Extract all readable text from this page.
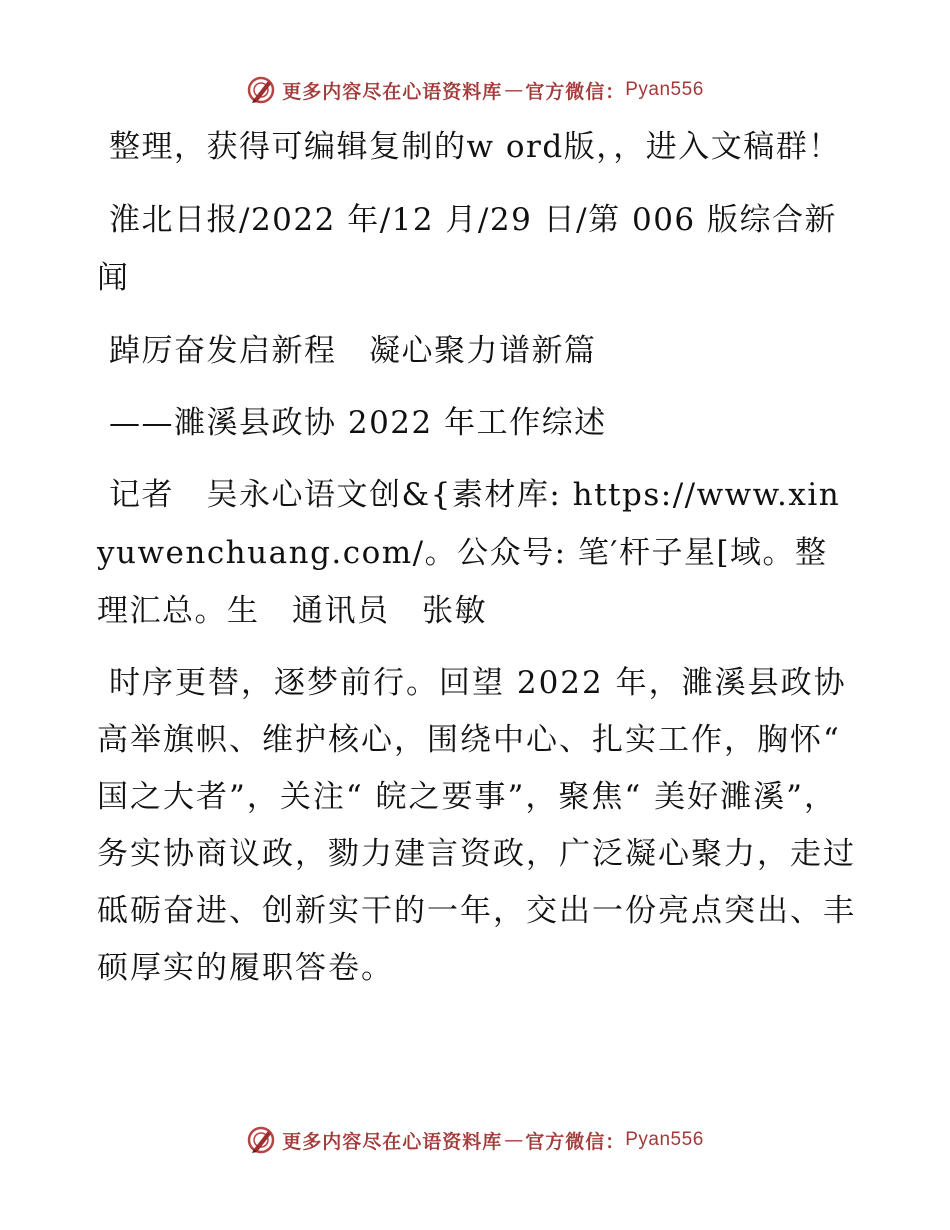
更多内容尽在心语资料库 — 官方微信： Pyan556

整理，获得可编辑复制的w ord版，，进入文稿群！

淮北日报/2022 年/12 月/29 日/第 006 版综合新闻

踔厉奋发启新程　凝心聚力谱新篇

——濉溪县政协 2022 年工作综述

记者　吴永心语文创&{素材库: https://www.xinyuwenchuang.com/。公众号: 笔′杆子星[域。整理汇总。生　通讯员　张敏

时序更替，逐梦前行。回望 2022 年，濉溪县政协高举旗帜、维护核心，围绕中心、扎实工作，胸怀“ 国之大者”，关注“ 皖之要事”，聚焦“ 美好濉溪”，务实协商议政，勠力建言资政，广泛凝心聚力，走过砥砺奋进、创新实干的一年，交出一份亮点突出、丰硕厚实的履职答卷。

更多内容尽在心语资料库 — 官方微信： Pyan556
